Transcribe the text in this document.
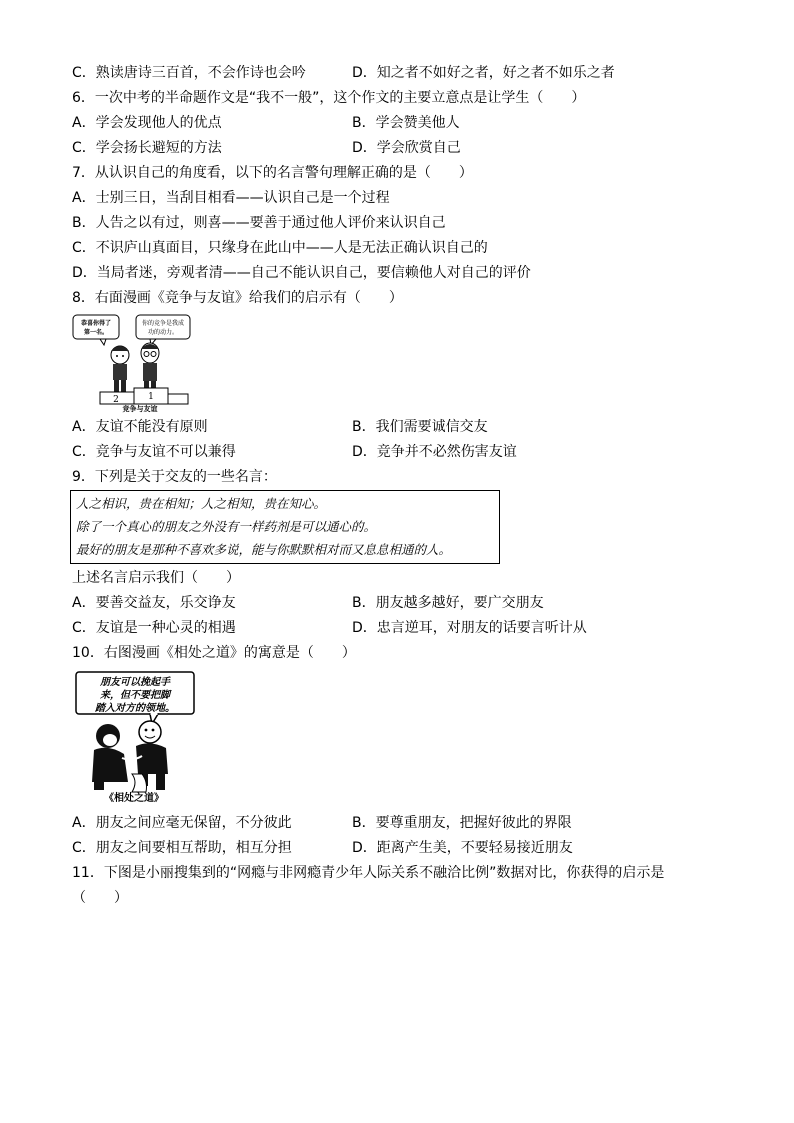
C．熟读唐诗三百首，不会作诗也会吟	D．知之者不如好之者，好之者不如乐之者
6．一次中考的半命题作文是“我不一般”，这个作文的主要立意点是让学生（　　）
A．学会发现他人的优点	B．学会赞美他人
C．学会扬长避短的方法	D．学会欣赏自己
7．从认识自己的角度看，以下的名言警句理解正确的是（　　）
A．士别三日，当刮目相看——认识自己是一个过程
B．人告之以有过，则喜——要善于通过他人评价来认识自己
C．不识庐山真面目，只缘身在此山中——人是无法正确认识自己的
D．当局者迷，旁观者清——自己不能认识自己，要信赖他人对自己的评价
8．右面漫画《竞争与友谊》给我们的启示有（　　）
恭喜你得了
第一名。
你的竞争是我成
功的动力。
2	1
竞争与友谊
A．友谊不能没有原则	B．我们需要诚信交友
C．竞争与友谊不可以兼得	D．竞争并不必然伤害友谊
9．下列是关于交友的一些名言：
人之相识，贵在相知；人之相知，贵在知心。
除了一个真心的朋友之外没有一样药剂是可以通心的。
最好的朋友是那种不喜欢多说，能与你默默相对而又息息相通的人。
上述名言启示我们（　　）
A．要善交益友，乐交诤友	B．朋友越多越好，要广交朋友
C．友谊是一种心灵的相遇	D．忠言逆耳，对朋友的话要言听计从
10．右图漫画《相处之道》的寓意是（　　）
朋友可以挽起手
来，但不要把脚
踏入对方的领地。
《相处之道》
A．朋友之间应毫无保留，不分彼此	B．要尊重朋友，把握好彼此的界限
C．朋友之间要相互帮助，相互分担	D．距离产生美，不要轻易接近朋友
11．下图是小丽搜集到的“网瘾与非网瘾青少年人际关系不融洽比例”数据对比，你获得的启示是
（　　）
